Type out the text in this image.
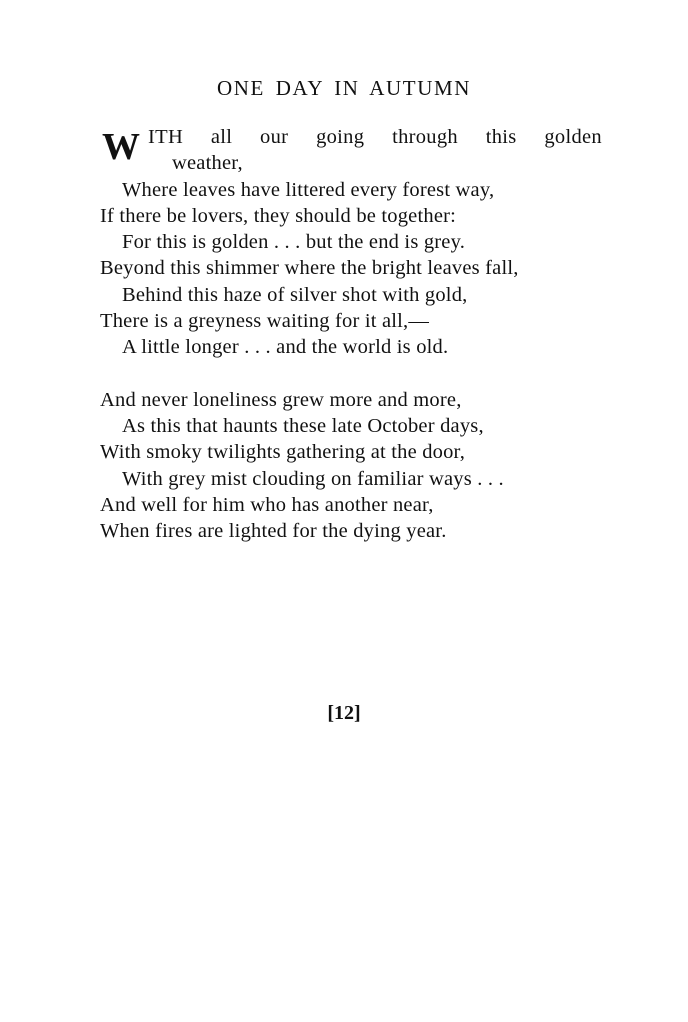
ONE DAY IN AUTUMN
W ITH all our going through this golden
weather,
Where leaves have littered every forest way,
If there be lovers, they should be together:
For this is golden . . . but the end is grey.
Beyond this shimmer where the bright leaves fall,
Behind this haze of silver shot with gold,
There is a greyness waiting for it all,—
A little longer . . . and the world is old.
And never loneliness grew more and more,
As this that haunts these late October days,
With smoky twilights gathering at the door,
With grey mist clouding on familiar ways . . .
And well for him who has another near,
When fires are lighted for the dying year.
[12]
